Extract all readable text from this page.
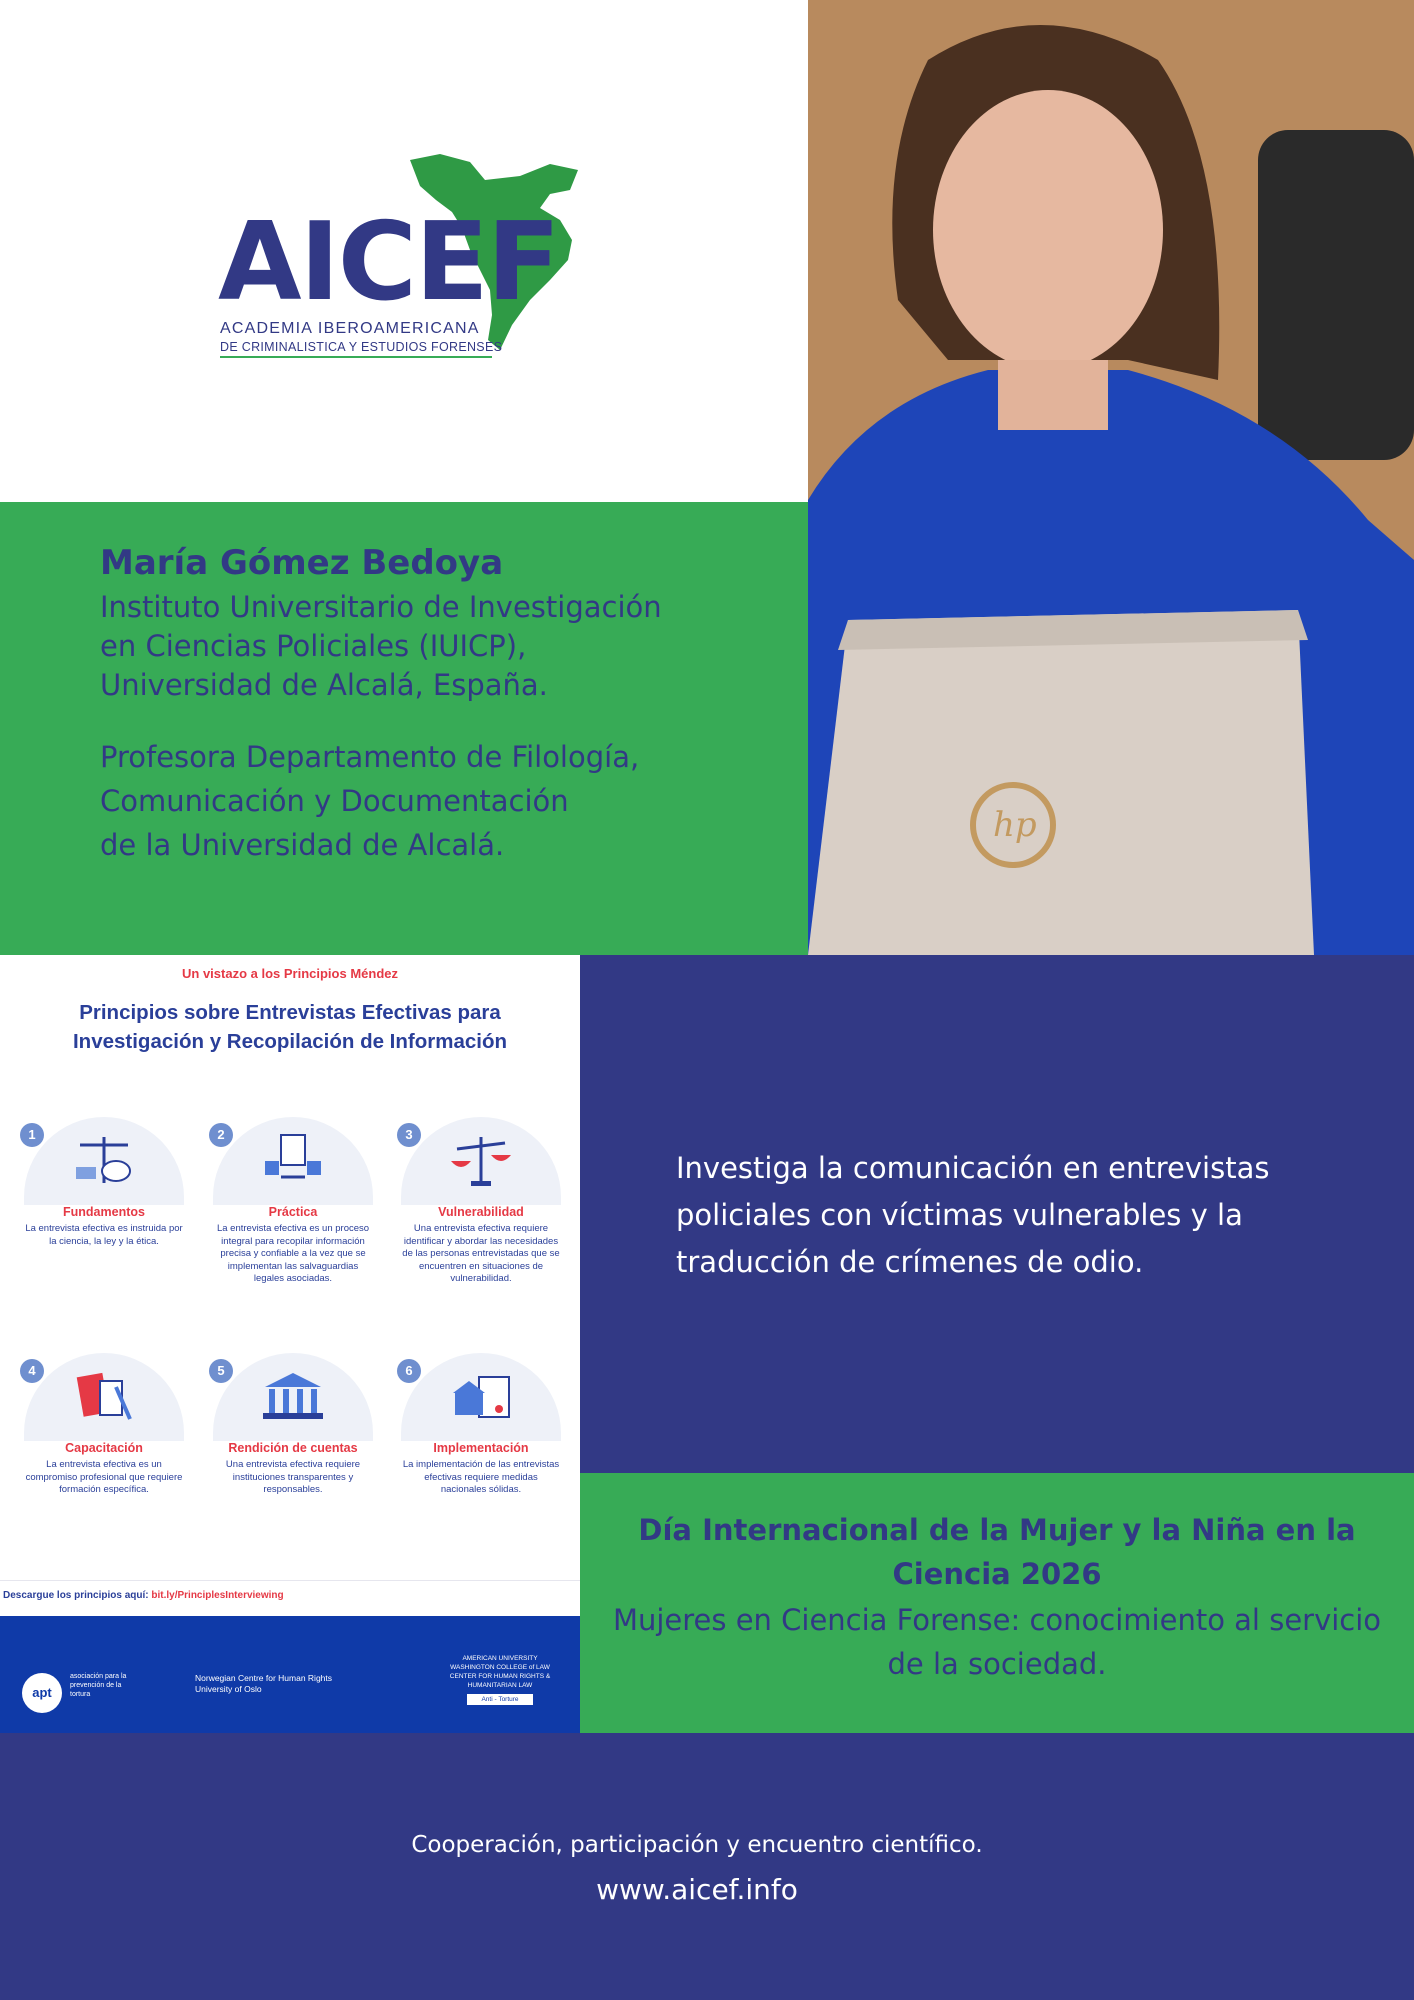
AICEF
ACADEMIA IBEROAMERICANA
DE CRIMINALISTICA Y ESTUDIOS FORENSES
hp
María Gómez Bedoya
Instituto Universitario de Investigación
en Ciencias Policiales (IUICP),
Universidad de Alcalá, España.
Profesora Departamento de Filología,
Comunicación y Documentación
de la Universidad de Alcalá.
Un vistazo a los Principios Méndez
Principios sobre Entrevistas Efectivas para
Investigación y Recopilación de Información
1
Fundamentos
La entrevista efectiva es instruida por la ciencia, la ley y la ética.
2
Práctica
La entrevista efectiva es un proceso integral para recopilar información precisa y confiable a la vez que se implementan las salvaguardias legales asociadas.
3
Vulnerabilidad
Una entrevista efectiva requiere identificar y abordar las necesidades de las personas entrevistadas que se encuentren en situaciones de vulnerabilidad.
4
Capacitación
La entrevista efectiva es un compromiso profesional que requiere formación específica.
5
Rendición de cuentas
Una entrevista efectiva requiere instituciones transparentes y responsables.
6
Implementación
La implementación de las entrevistas efectivas requiere medidas nacionales sólidas.
Descargue los principios aquí: bit.ly/PrinciplesInterviewing
apt
asociación para la prevención de la tortura
Norwegian Centre for Human Rights
University of Oslo
AMERICAN UNIVERSITY WASHINGTON COLLEGE of LAW CENTER FOR HUMAN RIGHTS & HUMANITARIAN LAW
Anti - Torture
Investiga la comunicación en entrevistas policiales con víctimas vulnerables y la traducción de crímenes de odio.
Día Internacional de la Mujer y la Niña en la Ciencia 2026
Mujeres en Ciencia Forense: conocimiento al servicio de la sociedad.
Cooperación, participación y encuentro científico.
www.aicef.info
